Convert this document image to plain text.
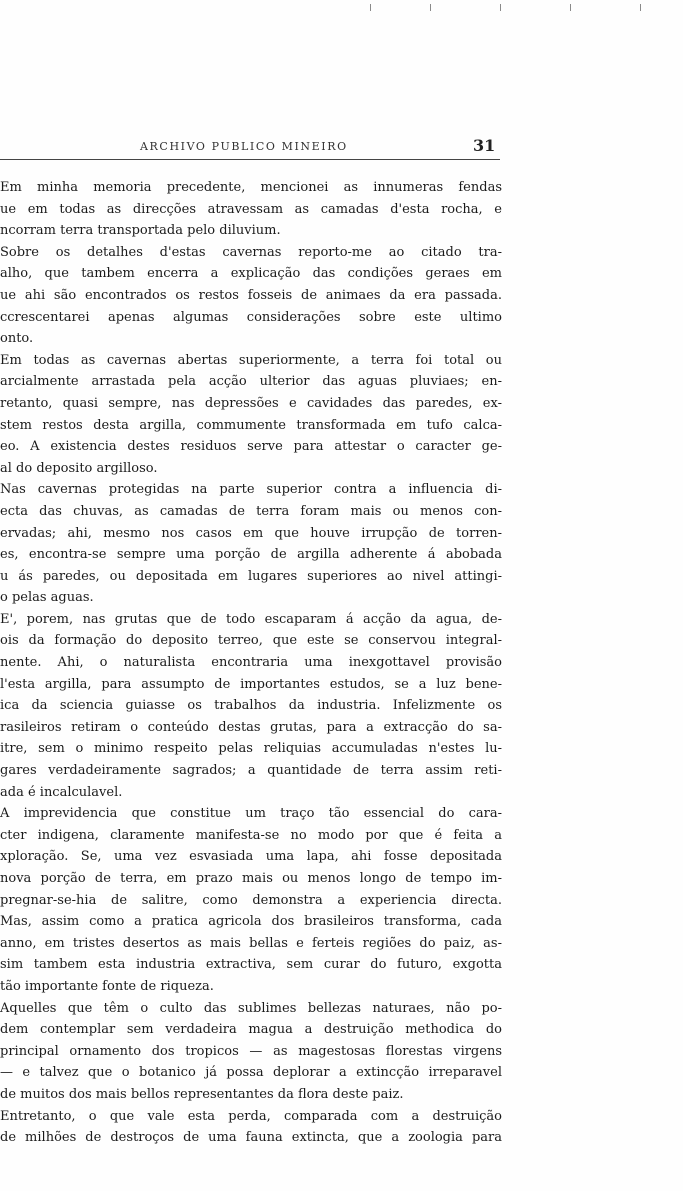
ARCHIVO PUBLICO MINEIRO	31
Em minha memoria precedente, mencionei as innumeras fendas
ue em todas as direcções atravessam as camadas d'esta rocha, e
ncorram terra transportada pelo diluvium.
Sobre os detalhes d'estas cavernas reporto-me ao citado tra-
alho, que tambem encerra a explicação das condições geraes em
ue ahi são encontrados os restos fosseis de animaes da era passada.
ccrescentarei apenas algumas considerações sobre este ultimo
onto.
Em todas as cavernas abertas superiormente, a terra foi total ou
arcialmente arrastada pela acção ulterior das aguas pluviaes; en-
retanto, quasi sempre, nas depressões e cavidades das paredes, ex-
stem restos desta argilla, commumente transformada em tufo calca-
eo. A existencia destes residuos serve para attestar o caracter ge-
al do deposito argilloso.
Nas cavernas protegidas na parte superior contra a influencia di-
ecta das chuvas, as camadas de terra foram mais ou menos con-
ervadas; ahi, mesmo nos casos em que houve irrupção de torren-
es, encontra-se sempre uma porção de argilla adherente á abobada
u ás paredes, ou depositada em lugares superiores ao nivel attingi-
o pelas aguas.
E', porem, nas grutas que de todo escaparam á acção da agua, de-
ois da formação do deposito terreo, que este se conservou integral-
nente. Ahi, o naturalista encontraria uma inexgottavel provisão
l'esta argilla, para assumpto de importantes estudos, se a luz bene-
ica da sciencia guiasse os trabalhos da industria. Infelizmente os
rasileiros retiram o conteúdo destas grutas, para a extracção do sa-
itre, sem o minimo respeito pelas reliquias accumuladas n'estes lu-
gares verdadeiramente sagrados; a quantidade de terra assim reti-
ada é incalculavel.
A imprevidencia que constitue um traço tão essencial do cara-
cter indigena, claramente manifesta-se no modo por que é feita a
xploração. Se, uma vez esvasiada uma lapa, ahi fosse depositada
nova porção de terra, em prazo mais ou menos longo de tempo im-
pregnar-se-hia de salitre, como demonstra a experiencia directa.
Mas, assim como a pratica agricola dos brasileiros transforma, cada
anno, em tristes desertos as mais bellas e ferteis regiões do paiz, as-
sim tambem esta industria extractiva, sem curar do futuro, exgotta
tão importante fonte de riqueza.
Aquelles que têm o culto das sublimes bellezas naturaes, não po-
dem contemplar sem verdadeira magua a destruição methodica do
principal ornamento dos tropicos — as magestosas florestas virgens
— e talvez que o botanico já possa deplorar a extincção irreparavel
de muitos dos mais bellos representantes da flora deste paiz.
Entretanto, o que vale esta perda, comparada com a destruição
de milhões de destroços de uma fauna extincta, que a zoologia para
